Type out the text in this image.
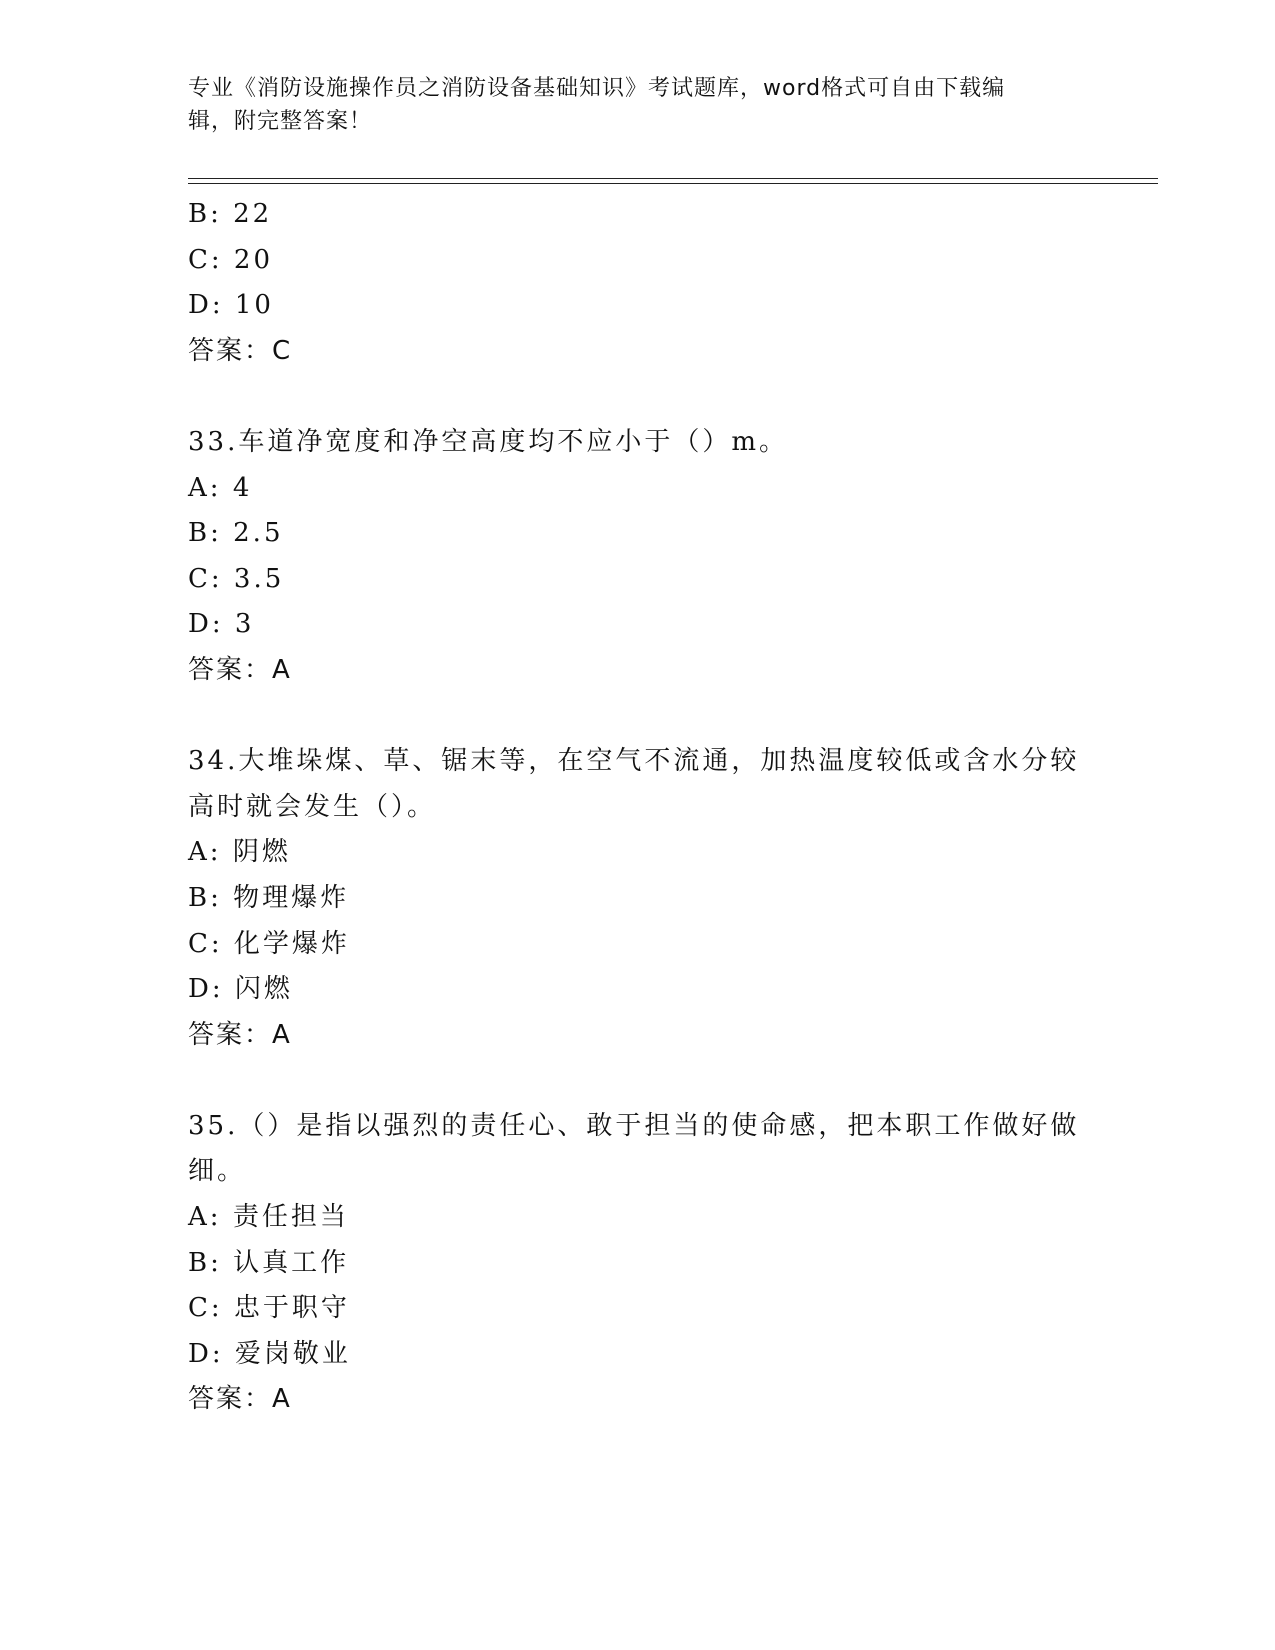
专业《消防设施操作员之消防设备基础知识》考试题库，word格式可自由下载编
辑，附完整答案！

B: 22

C: 20

D: 10

答案：C

33.车道净宽度和净空高度均不应小于（）m。

A: 4

B: 2.5

C: 3.5

D: 3

答案：A

34.大堆垛煤、草、锯末等，在空气不流通，加热温度较低或含水分较

高时就会发生（）。

A: 阴燃

B: 物理爆炸

C: 化学爆炸

D: 闪燃

答案：A

35.（）是指以强烈的责任心、敢于担当的使命感，把本职工作做好做

细。

A: 责任担当

B: 认真工作

C: 忠于职守

D: 爱岗敬业

答案：A
